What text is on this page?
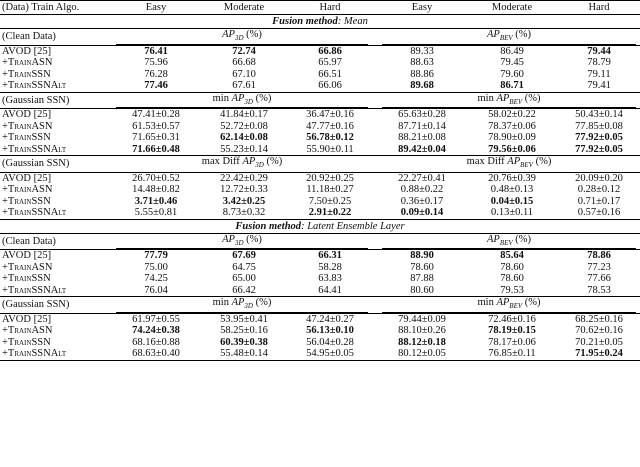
(Data) Train Algo.	Easy	Moderate	Hard		Easy	Moderate	Hard
Fusion method: Mean							
(Clean Data)	$AP_{3D}$ (%)				$AP_{BEV}$ (%)		

AVOD [25]	76.41	72.74	66.86		89.33	86.49	79.44
+TrainASN	75.96	66.68	65.97		88.63	79.45	78.79
+TrainSSN	76.28	67.10	66.51		88.86	79.60	79.11
+TrainSSNAlt	77.46	67.61	66.06		89.68	86.71	79.41
(Gaussian SSN)	$\min AP_{3D}$ (%)				$\min AP_{BEV}$ (%)		

AVOD [25]	47.41±0.28	41.84±0.17	36.47±0.16		65.63±0.28	58.02±0.22	50.43±0.14
+TrainASN	61.53±0.57	52.72±0.08	47.77±0.16		87.71±0.14	78.37±0.06	77.85±0.08
+TrainSSN	71.65±0.31	62.14±0.08	56.78±0.12		88.21±0.08	78.90±0.09	77.92±0.05
+TrainSSNAlt	71.66±0.48	55.23±0.14	55.90±0.11		89.42±0.04	79.56±0.06	77.92±0.05
(Gaussian SSN)	max Diff $AP_{3D}$ (%)				max Diff $AP_{BEV}$ (%)		
AVOD [25]	26.70±0.52	22.42±0.29	20.92±0.25		22.27±0.41	20.76±0.39	20.09±0.20
+TrainASN	14.48±0.82	12.72±0.33	11.18±0.27		0.88±0.22	0.48±0.13	0.28±0.12
+TrainSSN	3.71±0.46	3.42±0.25	7.50±0.25		0.36±0.17	0.04±0.15	0.71±0.17
+TrainSSNAlt	5.55±0.81	8.73±0.32	2.91±0.22		0.09±0.14	0.13±0.11	0.57±0.16
Fusion method: Latent Ensemble Layer							
(Clean Data)	$AP_{3D}$ (%)				$AP_{BEV}$ (%)		

AVOD [25]	77.79	67.69	66.31		88.90	85.64	78.86
+TrainASN	75.00	64.75	58.28		78.60	78.60	77.23
+TrainSSN	74.25	65.00	63.83		87.88	78.60	77.66
+TrainSSNAlt	76.04	66.42	64.41		80.60	79.53	78.53
(Gaussian SSN)	$\min AP_{3D}$ (%)				$\min AP_{BEV}$ (%)		

AVOD [25]	61.97±0.55	53.95±0.41	47.24±0.27		79.44±0.09	72.46±0.16	68.25±0.16
+TrainASN	74.24±0.38	58.25±0.16	56.13±0.10		88.10±0.26	78.19±0.15	70.62±0.16
+TrainSSN	68.16±0.88	60.39±0.38	56.04±0.28		88.12±0.18	78.17±0.06	70.21±0.05
+TrainSSNAlt	68.63±0.40	55.48±0.14	54.95±0.05		80.12±0.05	76.85±0.11	71.95±0.24
